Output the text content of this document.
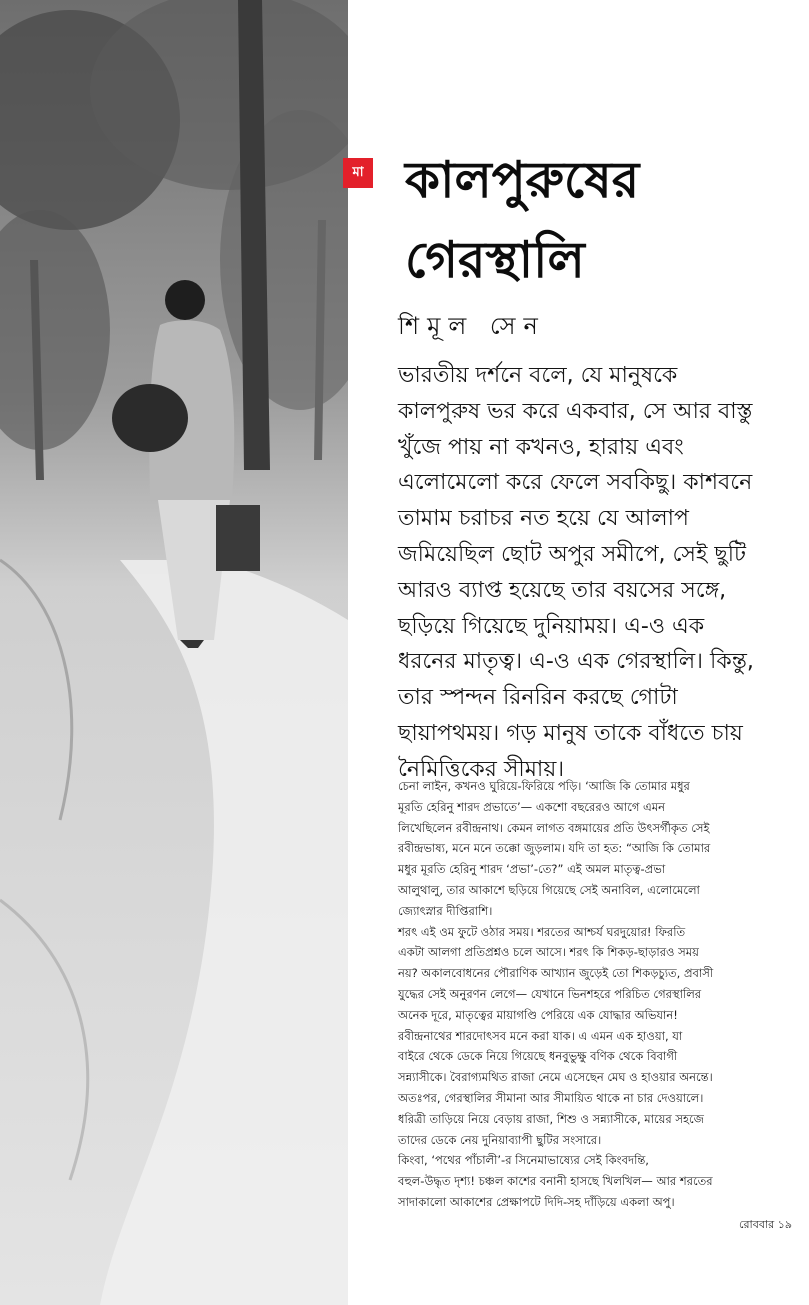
মা কালপুরুষের
গেরস্থালি
শিমূল সেন
ভারতীয় দর্শনে বলে, যে মানুষকে
কালপুরুষ ভর করে একবার, সে আর বাস্তু
খুঁজে পায় না কখনও, হারায় এবং
এলোমেলো করে ফেলে সবকিছু। কাশবনে
তামাম চরাচর নত হয়ে যে আলাপ
জমিয়েছিল ছোট অপুর সমীপে, সেই ছুটি
আরও ব্যাপ্ত হয়েছে তার বয়সের সঙ্গে,
ছড়িয়ে গিয়েছে দুনিয়াময়। এ-ও এক
ধরনের মাতৃত্ব। এ-ও এক গেরস্থালি। কিন্তু,
তার স্পন্দন রিনরিন করছে গোটা
ছায়াপথময়। গড় মানুষ তাকে বাঁধতে চায়
নৈমিত্তিকের সীমায়।
চেনা লাইন, কখনও ঘুরিয়ে-ফিরিয়ে পড়ি। ‘আজি কি তোমার মধুর
মূরতি হেরিনু শারদ প্রভাতে’— একশো বছরেরও আগে এমন
লিখেছিলেন রবীন্দ্রনাথ। কেমন লাগত বঙ্গমায়ের প্রতি উৎসর্গীকৃত সেই
রবীন্দ্রভাষ্য, মনে মনে তক্কো জুড়লাম। যদি তা হত: “আজি কি তোমার
মধুর মূরতি হেরিনু শারদ ‘প্রভা’-তে?” এই অমল মাতৃত্ব-প্রভা
আলুথালু, তার আকাশে ছড়িয়ে গিয়েছে সেই অনাবিল, এলোমেলো
জ্যোৎস্নার দীপ্তিরাশি।
শরৎ এই ওম ফুটে ওঠার সময়। শরতের আশ্চর্য ঘরদুয়োর! ফিরতি
একটা আলগা প্রতিপ্রশ্নও চলে আসে। শরৎ কি শিকড়-ছাড়ারও সময়
নয়? অকালবোধনের পৌরাণিক আখ্যান জুড়েই তো শিকড়চ্যুত, প্রবাসী
যুদ্ধের সেই অনুরণন লেগে— যেখানে ভিনশহরে পরিচিত গেরস্থালির
অনেক দূরে, মাতৃত্বের মায়াগণ্ডি পেরিয়ে এক যোদ্ধার অভিযান!
রবীন্দ্রনাথের শারদোৎসব মনে করা যাক। এ এমন এক হাওয়া, যা
বাইরে থেকে ডেকে নিয়ে গিয়েছে ধনবুভুক্ষু বণিক থেকে বিবাগী
সন্ন্যাসীকে। বৈরাগ্যমথিত রাজা নেমে এসেছেন মেঘ ও হাওয়ার অনন্তে।
অতঃপর, গেরস্থালির সীমানা আর সীমায়িত থাকে না চার দেওয়ালে।
ধরিত্রী তাড়িয়ে নিয়ে বেড়ায় রাজা, শিশু ও সন্ন্যাসীকে, মায়ের সহজে
তাদের ডেকে নেয় দুনিয়াব্যাপী ছুটির সংসারে।
কিংবা, ‘পথের পাঁচালী’-র সিনেমাভাষ্যের সেই কিংবদন্তি,
বহুল-উদ্ধৃত দৃশ্য! চঞ্চল কাশের বনানী হাসছে খিলখিল— আর শরতের
সাদাকালো আকাশের প্রেক্ষাপটে দিদি-সহ দাঁড়িয়ে একলা অপু।
রোববার ১৯
